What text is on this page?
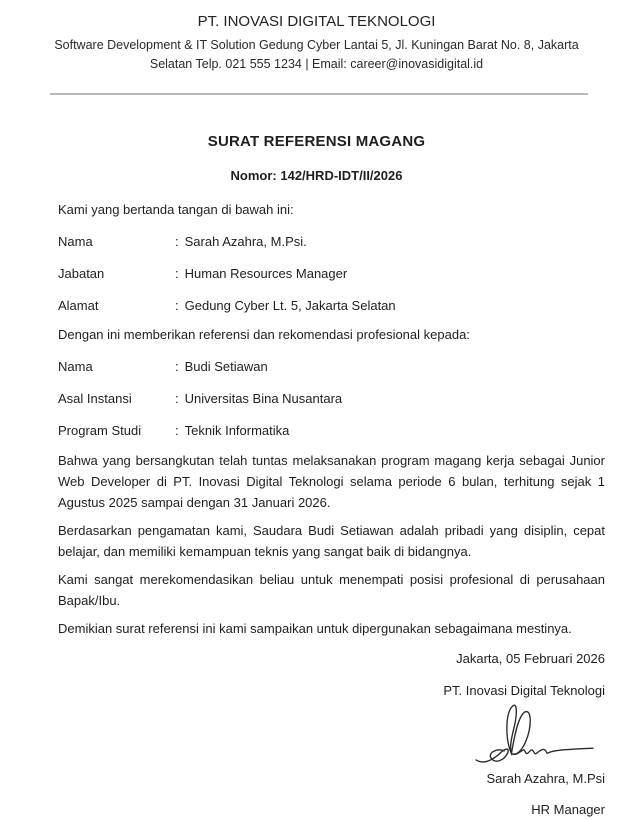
PT. INOVASI DIGITAL TEKNOLOGI
Software Development & IT Solution Gedung Cyber Lantai 5, Jl. Kuningan Barat No. 8, Jakarta Selatan Telp. 021 555 1234 | Email: career@inovasidigital.id
SURAT REFERENSI MAGANG
Nomor: 142/HRD-IDT/II/2026
Kami yang bertanda tangan di bawah ini:
Nama	: Sarah Azahra, M.Psi.
Jabatan	: Human Resources Manager
Alamat	: Gedung Cyber Lt. 5, Jakarta Selatan
Dengan ini memberikan referensi dan rekomendasi profesional kepada:
Nama	: Budi Setiawan
Asal Instansi	: Universitas Bina Nusantara
Program Studi	: Teknik Informatika
Bahwa yang bersangkutan telah tuntas melaksanakan program magang kerja sebagai Junior Web Developer di PT. Inovasi Digital Teknologi selama periode 6 bulan, terhitung sejak 1 Agustus 2025 sampai dengan 31 Januari 2026.
Berdasarkan pengamatan kami, Saudara Budi Setiawan adalah pribadi yang disiplin, cepat belajar, dan memiliki kemampuan teknis yang sangat baik di bidangnya.
Kami sangat merekomendasikan beliau untuk menempati posisi profesional di perusahaan Bapak/Ibu.
Demikian surat referensi ini kami sampaikan untuk dipergunakan sebagaimana mestinya.
Jakarta, 05 Februari 2026
PT. Inovasi Digital Teknologi
Sarah Azahra, M.Psi
HR Manager
